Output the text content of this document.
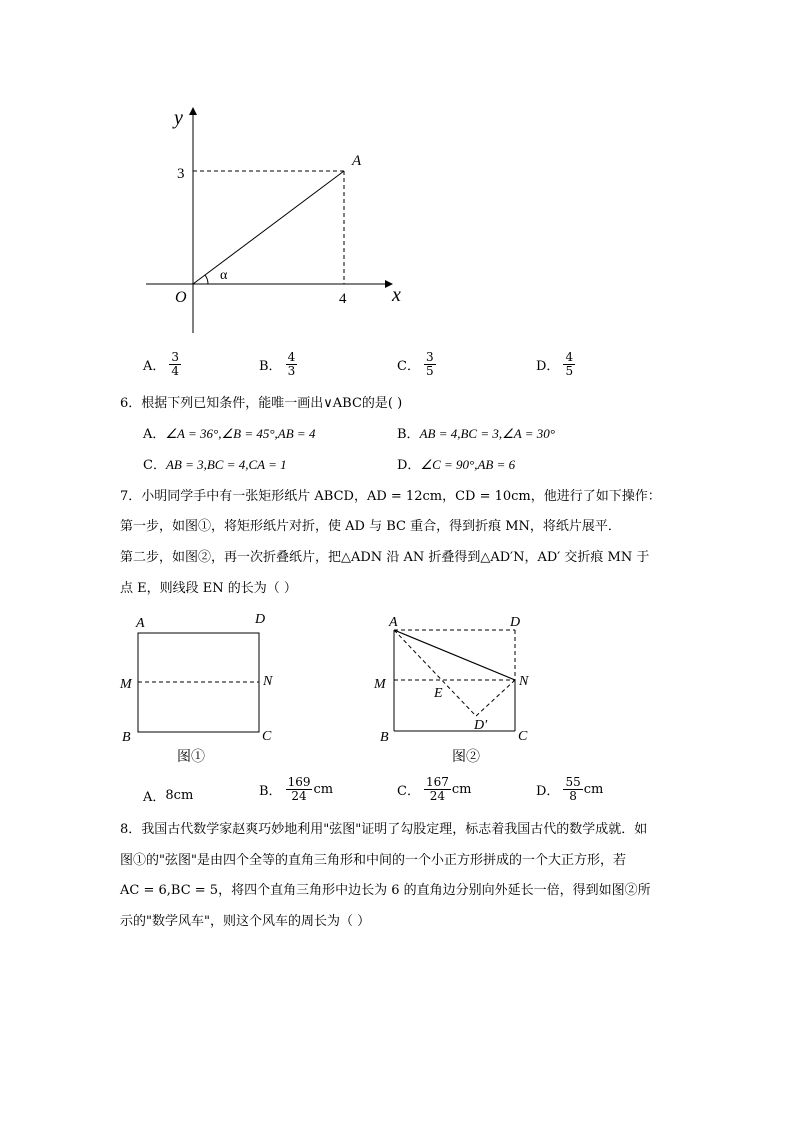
y
x
O
A
3
4
α
A． $\frac{3}{4}$	B． $\frac{4}{3}$	C． $\frac{3}{5}$	D． $\frac{4}{5}$
6．根据下列已知条件，能唯一画出∨ABC的是( )
A．∠A = 36°,∠B = 45°,AB = 4	B．AB = 4,BC = 3,∠A = 30°
C．AB = 3,BC = 4,CA = 1	D．∠C = 90°,AB = 6
7．小明同学手中有一张矩形纸片 ABCD，AD = 12cm，CD = 10cm，他进行了如下操作：
第一步，如图①，将矩形纸片对折，使 AD 与 BC 重合，得到折痕 MN，将纸片展平．
第二步，如图②，再一次折叠纸片，把△ADN 沿 AN 折叠得到△AD′N，AD′ 交折痕 MN 于
点 E，则线段 EN 的长为（ ）
A	D
M	N
B	C
图①
A	D
M	N
E
D′
B	C
图②
A． 8cm	B． $\frac{169}{24}$ cm	C． $\frac{167}{24}$ cm	D． $\frac{55}{8}$ cm
8．我国古代数学家赵爽巧妙地利用"弦图"证明了勾股定理，标志着我国古代的数学成就．如
图①的"弦图"是由四个全等的直角三角形和中间的一个小正方形拼成的一个大正方形，若
AC = 6,BC = 5，将四个直角三角形中边长为 6 的直角边分别向外延长一倍，得到如图②所
示的"数学风车"，则这个风车的周长为（ ）
